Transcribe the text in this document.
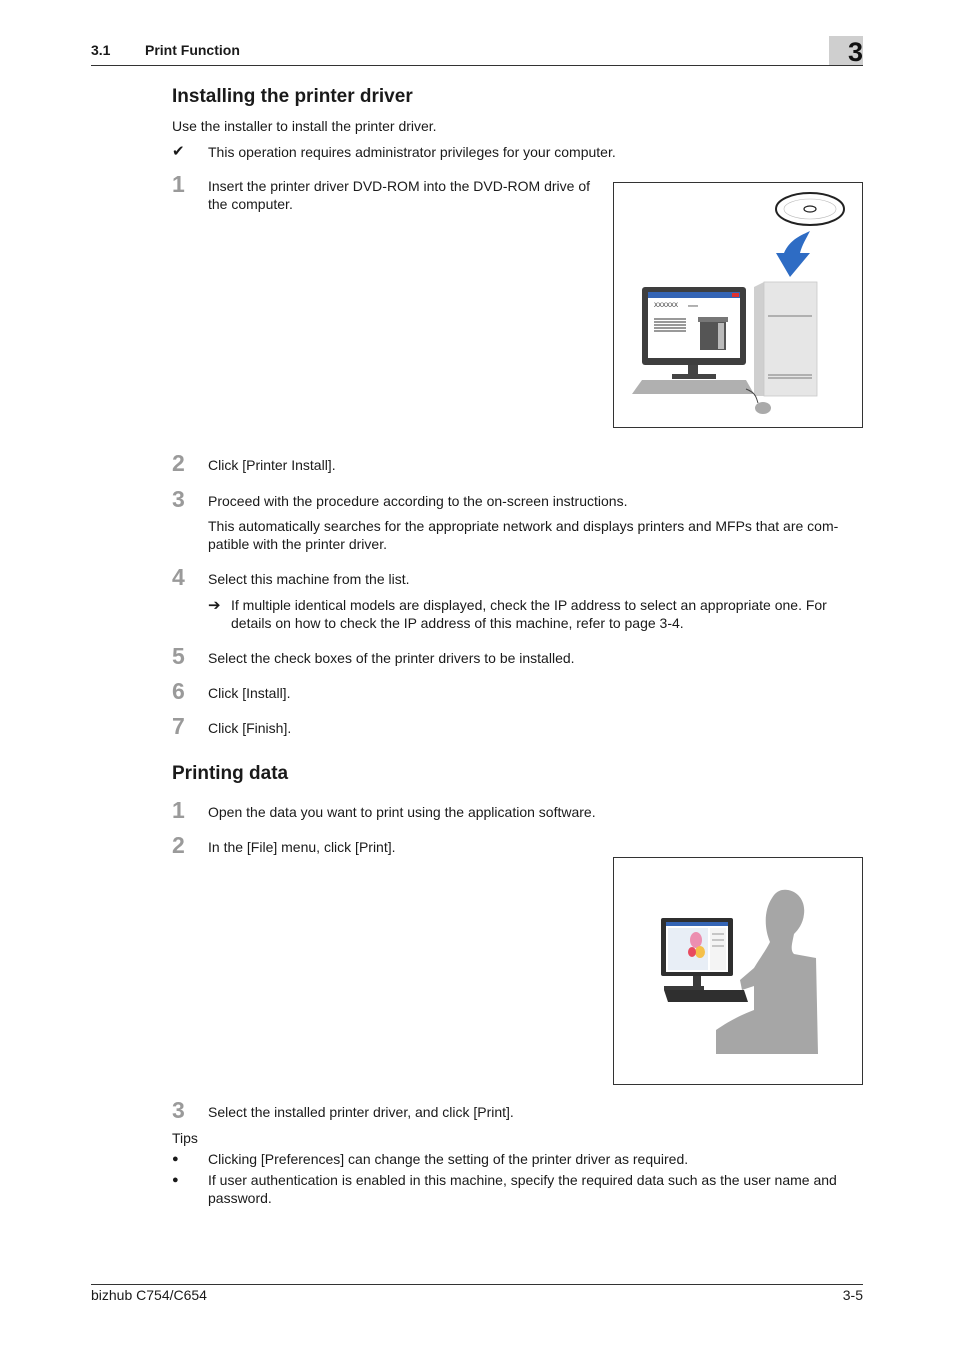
3.1 Print Function	3
Installing the printer driver
Use the installer to install the printer driver.
✔ This operation requires administrator privileges for your computer.
1	Insert the printer driver DVD-ROM into the DVD-ROM drive of the computer.
XXXXXX xxxxx
2	Click [Printer Install].
3	Proceed with the procedure according to the on-screen instructions.
This automatically searches for the appropriate network and displays printers and MFPs that are com-patible with the printer driver.
4	Select this machine from the list.
➔ If multiple identical models are displayed, check the IP address to select an appropriate one. For details on how to check the IP address of this machine, refer to page 3-4.
5	Select the check boxes of the printer drivers to be installed.
6	Click [Install].
7	Click [Finish].
Printing data
1	Open the data you want to print using the application software.
2	In the [File] menu, click [Print].
3	Select the installed printer driver, and click [Print].
Tips
● Clicking [Preferences] can change the setting of the printer driver as required.
● If user authentication is enabled in this machine, specify the required data such as the user name and password.
bizhub C754/C654	3-5
